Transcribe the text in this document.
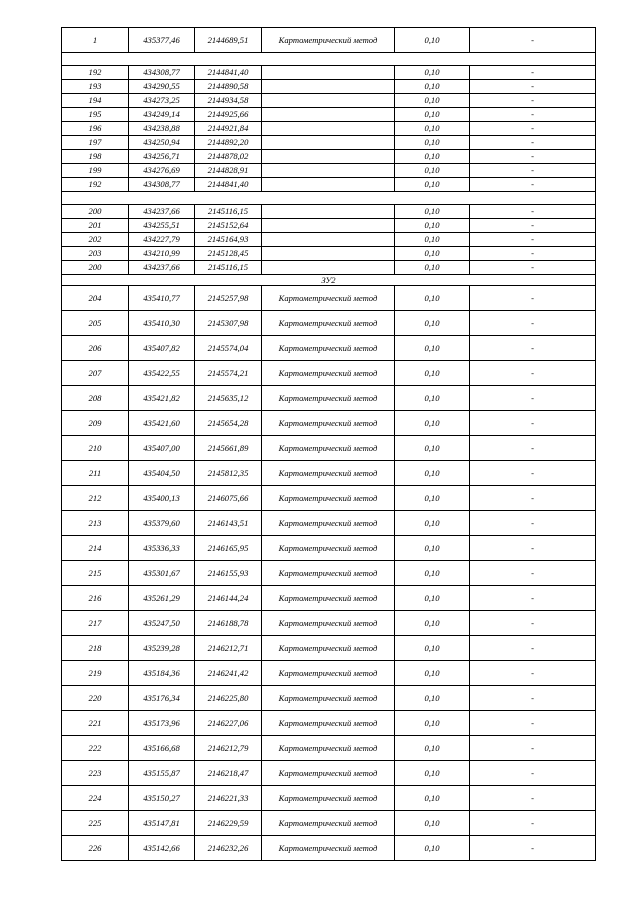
1	435377,46	2144689,51	Картометрический метод	0,10	-

192	434308,77	2144841,40		0,10	-
193	434290,55	2144890,58		0,10	-
194	434273,25	2144934,58		0,10	-
195	434249,14	2144925,66		0,10	-
196	434238,88	2144921,84		0,10	-
197	434250,94	2144892,20		0,10	-
198	434256,71	2144878,02		0,10	-
199	434276,69	2144828,91		0,10	-
192	434308,77	2144841,40		0,10	-

200	434237,66	2145116,15		0,10	-
201	434255,51	2145152,64		0,10	-
202	434227,79	2145164,93		0,10	-
203	434210,99	2145128,45		0,10	-
200	434237,66	2145116,15		0,10	-
ЗУ2					
204	435410,77	2145257,98	Картометрический метод	0,10	-
205	435410,30	2145307,98	Картометрический метод	0,10	-
206	435407,82	2145574,04	Картометрический метод	0,10	-
207	435422,55	2145574,21	Картометрический метод	0,10	-
208	435421,82	2145635,12	Картометрический метод	0,10	-
209	435421,60	2145654,28	Картометрический метод	0,10	-
210	435407,00	2145661,89	Картометрический метод	0,10	-
211	435404,50	2145812,35	Картометрический метод	0,10	-
212	435400,13	2146075,66	Картометрический метод	0,10	-
213	435379,60	2146143,51	Картометрический метод	0,10	-
214	435336,33	2146165,95	Картометрический метод	0,10	-
215	435301,67	2146155,93	Картометрический метод	0,10	-
216	435261,29	2146144,24	Картометрический метод	0,10	-
217	435247,50	2146188,78	Картометрический метод	0,10	-
218	435239,28	2146212,71	Картометрический метод	0,10	-
219	435184,36	2146241,42	Картометрический метод	0,10	-
220	435176,34	2146225,80	Картометрический метод	0,10	-
221	435173,96	2146227,06	Картометрический метод	0,10	-
222	435166,68	2146212,79	Картометрический метод	0,10	-
223	435155,87	2146218,47	Картометрический метод	0,10	-
224	435150,27	2146221,33	Картометрический метод	0,10	-
225	435147,81	2146229,59	Картометрический метод	0,10	-
226	435142,66	2146232,26	Картометрический метод	0,10	-
